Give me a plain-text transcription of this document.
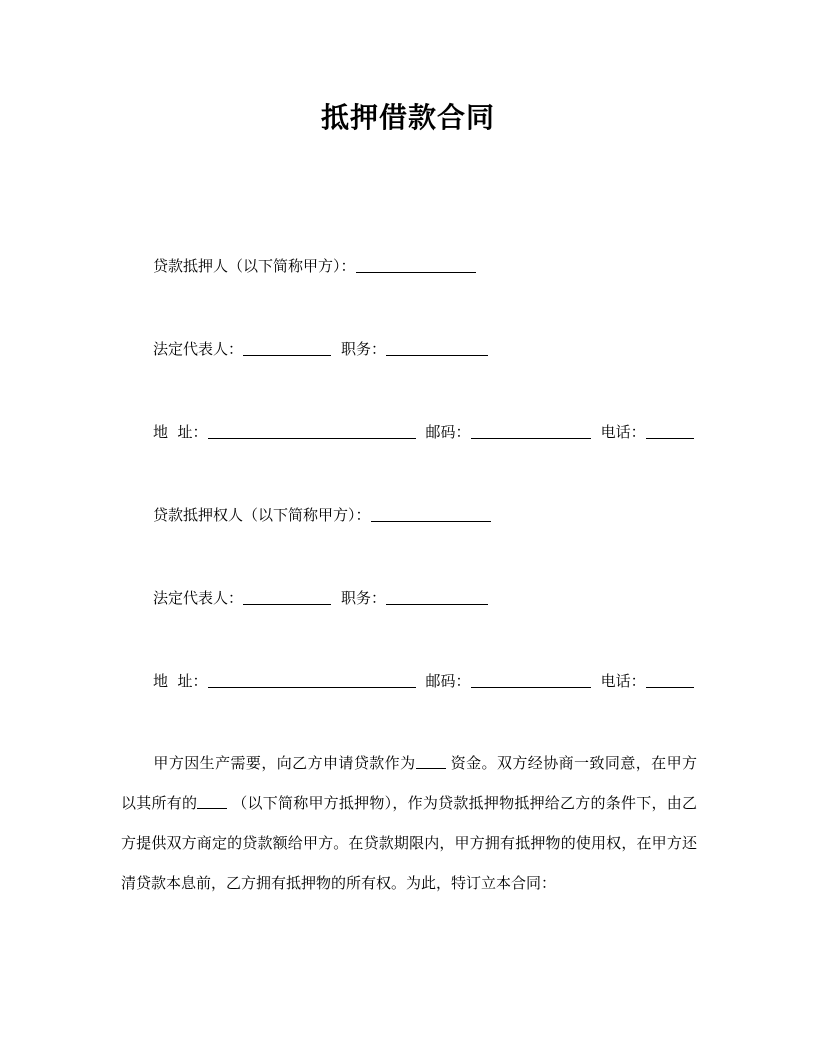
抵押借款合同
贷款抵押人（以下简称甲方）：
法定代表人：	职务：
地  址：	邮码：	电话：
贷款抵押权人（以下简称甲方）：
法定代表人：	职务：
地  址：	邮码：	电话：
甲方因生产需要，向乙方申请贷款作为 资金。双方经协商一致同意，在甲方以其所有的 （以下简称甲方抵押物），作为贷款抵押物抵押给乙方的条件下，由乙方提供双方商定的贷款额给甲方。在贷款期限内，甲方拥有抵押物的使用权，在甲方还清贷款本息前，乙方拥有抵押物的所有权。为此，特订立本合同：
